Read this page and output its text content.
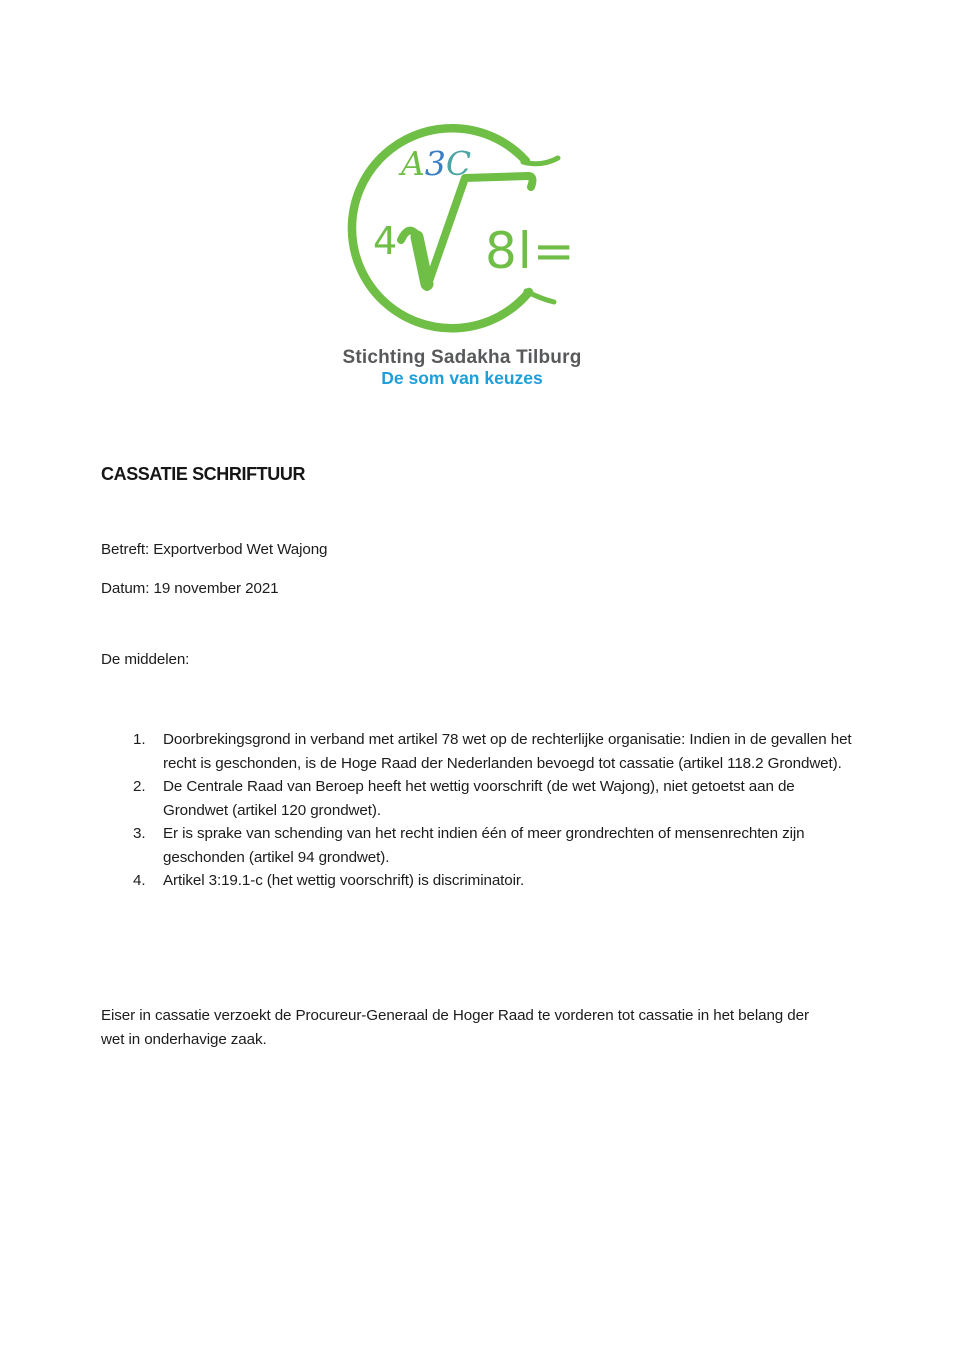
4 8l=
A3C
Stichting Sadakha Tilburg
De som van keuzes
CASSATIE SCHRIFTUUR
Betreft: Exportverbod Wet Wajong
Datum: 19 november 2021
De middelen:
1.	Doorbrekingsgrond in verband met artikel 78 wet op de rechterlijke organisatie: Indien in de gevallen het recht is geschonden, is de Hoge Raad der Nederlanden bevoegd tot cassatie (artikel 118.2 Grondwet).
2.	De Centrale Raad van Beroep heeft het wettig voorschrift (de wet Wajong), niet getoetst aan de Grondwet (artikel 120 grondwet).
3.	Er is sprake van schending van het recht indien één of meer grondrechten of mensenrechten zijn geschonden (artikel 94 grondwet).
4.	Artikel 3:19.1-c (het wettig voorschrift) is discriminatoir.
Eiser in cassatie verzoekt de Procureur-Generaal de Hoger Raad te vorderen tot cassatie in het belang der wet in onderhavige zaak.
